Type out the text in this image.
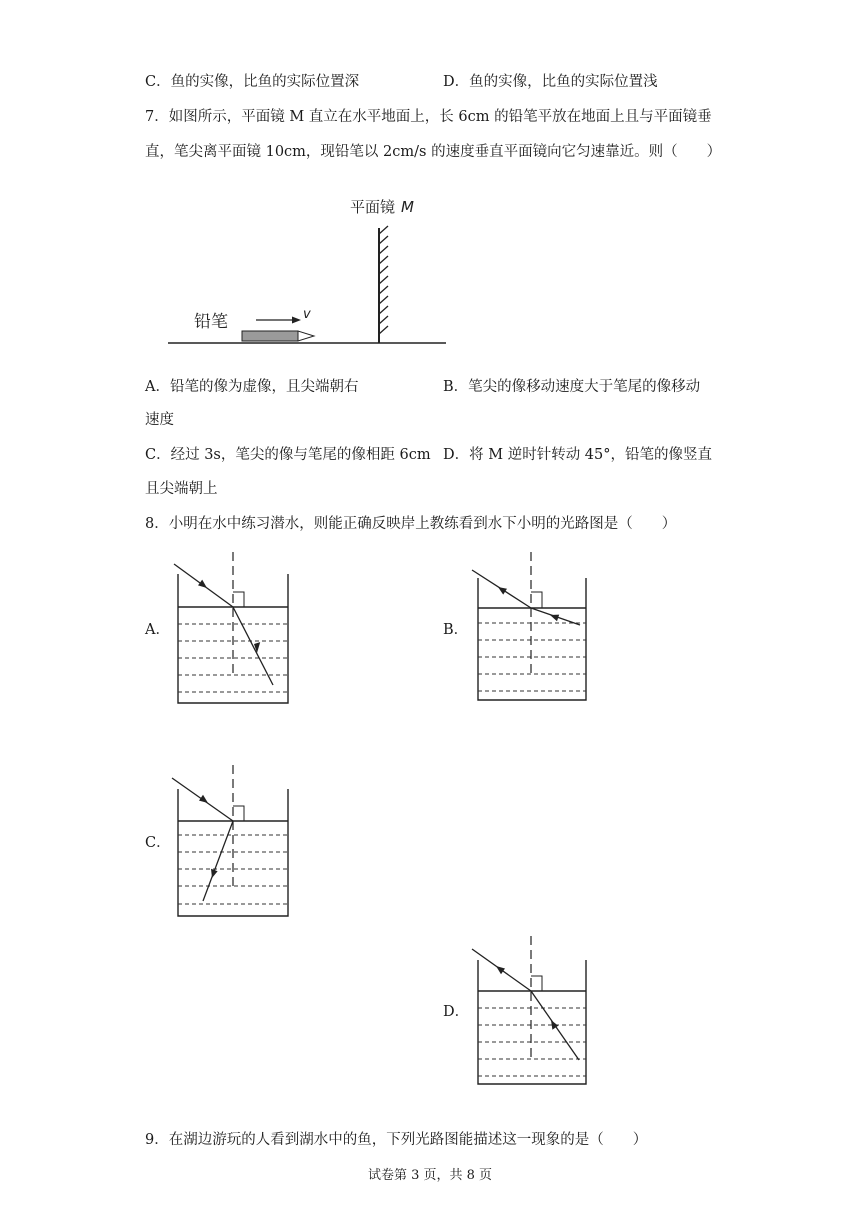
C．鱼的实像，比鱼的实际位置深	D．鱼的实像，比鱼的实际位置浅
7．如图所示，平面镜 M 直立在水平地面上，长 6cm 的铅笔平放在地面上且与平面镜垂
直，笔尖离平面镜 10cm，现铅笔以 2cm/s 的速度垂直平面镜向它匀速靠近。则（　　）
平面镜 M
铅笔	v
A．铅笔的像为虚像，且尖端朝右	B．笔尖的像移动速度大于笔尾的像移动
速度
C．经过 3s，笔尖的像与笔尾的像相距 6cm D．将 M 逆时针转动 45°，铅笔的像竖直
且尖端朝上
8．小明在水中练习潜水，则能正确反映岸上教练看到水下小明的光路图是（　　）
A．	B．
C．
D．
9．在湖边游玩的人看到湖水中的鱼，下列光路图能描述这一现象的是（　　）
试卷第 3 页，共 8 页
